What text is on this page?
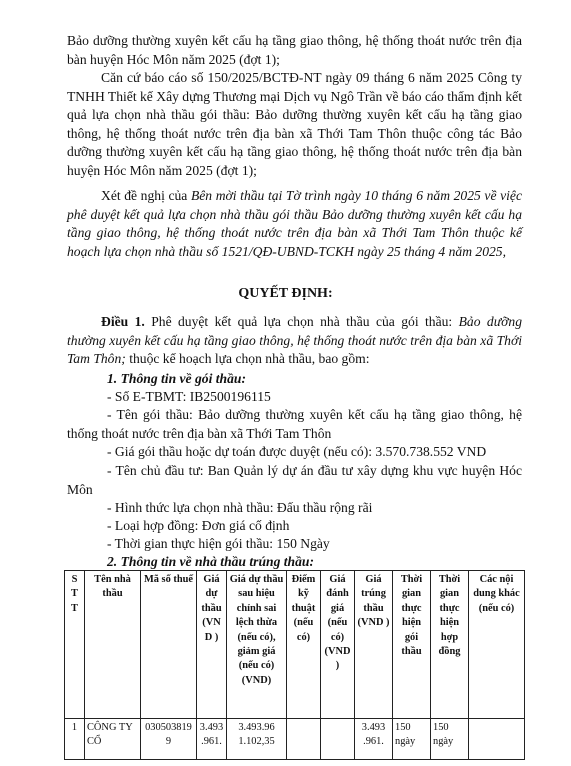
Bảo dưỡng thường xuyên kết cấu hạ tầng giao thông, hệ thống thoát nước trên địa bàn huyện Hóc Môn năm 2025 (đợt 1);

Căn cứ báo cáo số 150/2025/BCTĐ-NT ngày 09 tháng 6 năm 2025 Công ty TNHH Thiết kế Xây dựng Thương mại Dịch vụ Ngô Trần về báo cáo thẩm định kết quả lựa chọn nhà thầu gói thầu: Bảo dưỡng thường xuyên kết cấu hạ tầng giao thông, hệ thống thoát nước trên địa bàn xã Thới Tam Thôn thuộc công tác Bảo dưỡng thường xuyên kết cấu hạ tầng giao thông, hệ thống thoát nước trên địa bàn huyện Hóc Môn năm 2025 (đợt 1);

Xét đề nghị của Bên mời thầu tại Tờ trình ngày 10 tháng 6 năm 2025 về việc phê duyệt kết quả lựa chọn nhà thầu gói thầu Bảo dưỡng thường xuyên kết cấu hạ tầng giao thông, hệ thống thoát nước trên địa bàn xã Thới Tam Thôn thuộc kế hoạch lựa chọn nhà thầu số 1521/QĐ-UBND-TCKH ngày 25 tháng 4 năm 2025,

QUYẾT ĐỊNH:

Điều 1. Phê duyệt kết quả lựa chọn nhà thầu của gói thầu: Bảo dưỡng thường xuyên kết cấu hạ tầng giao thông, hệ thống thoát nước trên địa bàn xã Thới Tam Thôn; thuộc kế hoạch lựa chọn nhà thầu, bao gồm:

1. Thông tin về gói thầu:
- Số E-TBMT: IB2500196115

- Tên gói thầu: Bảo dưỡng thường xuyên kết cấu hạ tầng giao thông, hệ thống thoát nước trên địa bàn xã Thới Tam Thôn

- Giá gói thầu hoặc dự toán được duyệt (nếu có): 3.570.738.552 VND

- Tên chủ đầu tư: Ban Quản lý dự án đầu tư xây dựng khu vực huyện Hóc Môn

- Hình thức lựa chọn nhà thầu: Đấu thầu rộng rãi
- Loại hợp đồng: Đơn giá cố định
- Thời gian thực hiện gói thầu: 150 Ngày
2. Thông tin về nhà thầu trúng thầu:
S T T	Tên nhà thầu	Mã số thuế	Giá dự thầu (VND )	Giá dự thầu sau hiệu chỉnh sai lệch thừa (nếu có), giảm giá (nếu có) (VND)	Điểm kỹ thuật (nếu có)	Giá đánh giá (nếu có) (VND )	Giá trúng thầu (VND )	Thời gian thực hiện gói thầu	Thời gian thực hiện hợp đồng	Các nội dung khác (nếu có)
1	CÔNG TY CỔ	0305038199	3.493 .961.	3.493.96 1.102,35			3.493 .961.	150 ngày	150 ngày	
